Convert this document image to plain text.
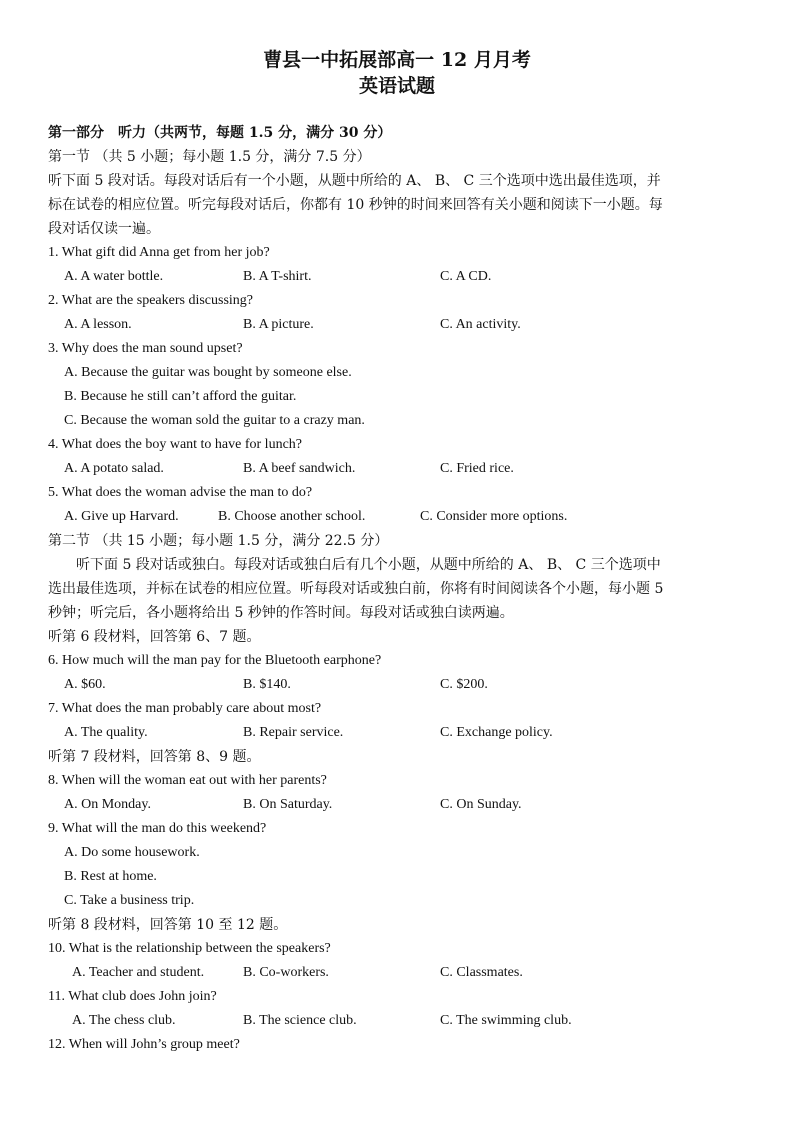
曹县一中拓展部高一 12 月月考
英语试题
第一部分　听力（共两节，每题 1.5 分，满分 30 分）
第一节 （共 5 小题；每小题 1.5 分，满分 7.5 分）
听下面 5 段对话。每段对话后有一个小题，从题中所给的 A、 B、 C 三个选项中选出最佳选项，并
标在试卷的相应位置。听完每段对话后，你都有 10 秒钟的时间来回答有关小题和阅读下一小题。每
段对话仅读一遍。
1. What gift did Anna get from her job?
A. A water bottle.	B. A T-shirt.	C. A CD.
2. What are the speakers discussing?
A. A lesson.	B. A picture.	C. An activity.
3. Why does the man sound upset?
A. Because the guitar was bought by someone else.
B. Because he still can’t afford the guitar.
C. Because the woman sold the guitar to a crazy man.
4. What does the boy want to have for lunch?
A. A potato salad.	B. A beef sandwich.	C. Fried rice.
5. What does the woman advise the man to do?
A. Give up Harvard.	B. Choose another school.	C. Consider more options.
第二节 （共 15 小题；每小题 1.5 分，满分 22.5 分）
　　听下面 5 段对话或独白。每段对话或独白后有几个小题，从题中所给的 A、 B、 C 三个选项中
选出最佳选项，并标在试卷的相应位置。听每段对话或独白前，你将有时间阅读各个小题，每小题 5
秒钟；听完后，各小题将给出 5 秒钟的作答时间。每段对话或独白读两遍。
听第 6 段材料，回答第 6、7 题。
6. How much will the man pay for the Bluetooth earphone?
A. $60.	B. $140.	C. $200.
7. What does the man probably care about most?
A. The quality.	B. Repair service.	C. Exchange policy.
听第 7 段材料，回答第 8、9 题。
8. When will the woman eat out with her parents?
A. On Monday.	B. On Saturday.	C. On Sunday.
9. What will the man do this weekend?
A. Do some housework.
B. Rest at home.
C. Take a business trip.
听第 8 段材料，回答第 10 至 12 题。
10. What is the relationship between the speakers?
A. Teacher and student.	B. Co-workers.	C. Classmates.
11. What club does John join?
A. The chess club.	B. The science club.	C. The swimming club.
12. When will John’s group meet?
